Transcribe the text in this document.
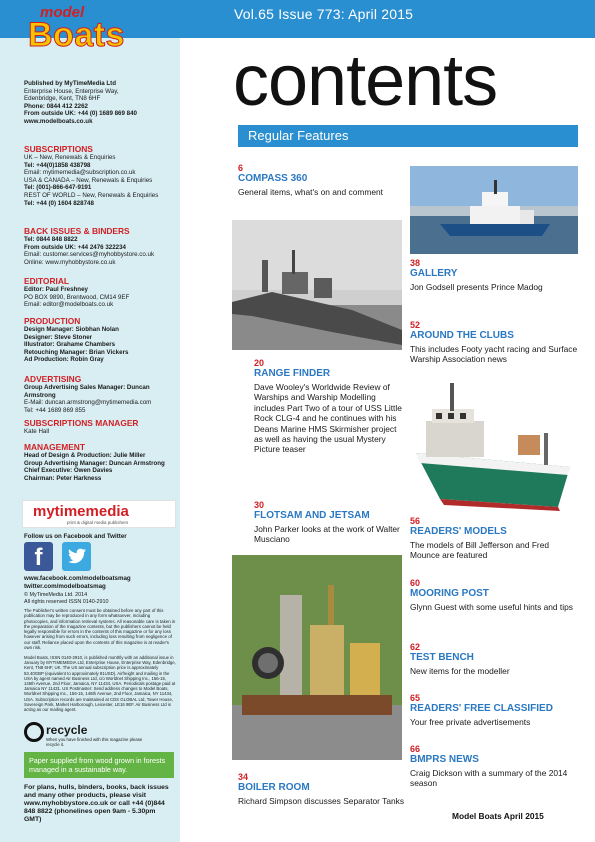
Vol.65 Issue 773: April 2015
model
Boats
Published by MyTimeMedia Ltd
Enterprise House, Enterprise Way,
Edenbridge, Kent, TN8 6HF
Phone: 0844 412 2262
From outside UK: +44 (0) 1689 869 840
www.modelboats.co.uk
SUBSCRIPTIONS
UK – New, Renewals & Enquiries
Tel: +44(0)1858 438798
Email: mytimemedia@subscription.co.uk
USA & CANADA – New, Renewals & Enquiries
Tel: (001)-866-647-9191
REST OF WORLD – New, Renewals & Enquiries
Tel: +44 (0) 1604 828748
BACK ISSUES & BINDERS
Tel: 0844 848 8822
From outside UK: +44 2476 322234
Email: customer.services@myhobbystore.co.uk
Online: www.myhobbystore.co.uk
EDITORIAL
Editor: Paul Freshney
PO BOX 9890, Brentwood, CM14 9EF
Email: editor@modelboats.co.uk
PRODUCTION
Design Manager: Siobhan Nolan
Designer: Steve Stoner
Illustrator: Grahame Chambers
Retouching Manager: Brian Vickers
Ad Production: Robin Gray
ADVERTISING
Group Advertising Sales Manager: Duncan Armstrong
E-Mail: duncan.armstrong@mytimemedia.com
Tel: +44 1689 869 855
SUBSCRIPTIONS MANAGER
Kate Hall
MANAGEMENT
Head of Design & Production: Julie Miller
Group Advertising Manager: Duncan Armstrong
Chief Executive: Owen Davies
Chairman: Peter Harkness
mytimemedia
print & digital media publishers
Follow us on Facebook and Twitter
f
www.facebook.com/modelboatsmag
twitter.com/modelboatsmag
© MyTimeMedia Ltd. 2014
All rights reserved ISSN 0140-2910
The Publisher's written consent must be obtained before any part of this publication may be reproduced in any form whatsoever, including photocopies, and information retrieval systems. All reasonable care is taken in the preparation of the magazine contents, but the publishers cannot be held legally responsible for errors in the contents of this magazine or for any loss however arising from such errors, including loss resulting from negligence of our staff. Reliance placed upon the contents of this magazine is at reader's own risk.
Model Boats, ISSN 0140-2910, is published monthly with an additional issue in January by MYTIMEMEDIA Ltd, Enterprise House, Enterprise Way, Edenbridge, Kent, TN8 6HF, UK. The US annual subscription price is approximately 53.40GBP (equivalent to approximately 81USD). Airfreight and mailing in the USA by agent named Air Business Ltd, c/o Worldnet Shipping Inc., 156-15, 146th Avenue, 2nd Floor, Jamaica, NY 11434, USA. Periodicals postage paid at Jamaica NY 11431. US Postmaster: Send address changes to Model Boats, Worldnet Shipping Inc., 156-15, 146th Avenue, 2nd Floor, Jamaica, NY 11434, USA. Subscription records are maintained at CDS GLOBAL Ltd, Tower House, Sovereign Park, Market Harborough, Leicester, LE16 9EF. Air Business Ltd is acting as our mailing agent.
recycle
When you have finished with this magazine please recycle it.
Paper supplied from wood grown in forests managed in a sustainable way.
For plans, hulls, binders, books, back issues and many other products, please visit www.myhobbystore.co.uk or call +44 (0)844 848 8822 (phonelines open 9am - 5.30pm GMT)
contents
Regular Features
6
COMPASS 360
General items, what's on and comment
20
RANGE FINDER
Dave Wooley's Worldwide Review of Warships and Warship Modelling includes Part Two of a tour of USS Little Rock CLG-4 and he continues with his Deans Marine HMS Skirmisher project as well as having the usual Mystery Picture teaser
30
FLOTSAM AND JETSAM
John Parker looks at the work of Walter Musciano
34
BOILER ROOM
Richard Simpson discusses Separator Tanks
38
GALLERY
Jon Godsell presents Prince Madog
52
AROUND THE CLUBS
This includes Footy yacht racing and Surface Warship Association news
56
READERS' MODELS
The models of Bill Jefferson and Fred Mounce are featured
60
MOORING POST
Glynn Guest with some useful hints and tips
62
TEST BENCH
New items for the modeller
65
READERS' FREE CLASSIFIED
Your free private advertisements
66
BMPRS NEWS
Craig Dickson with a summary of the 2014 season
Model Boats April 2015
